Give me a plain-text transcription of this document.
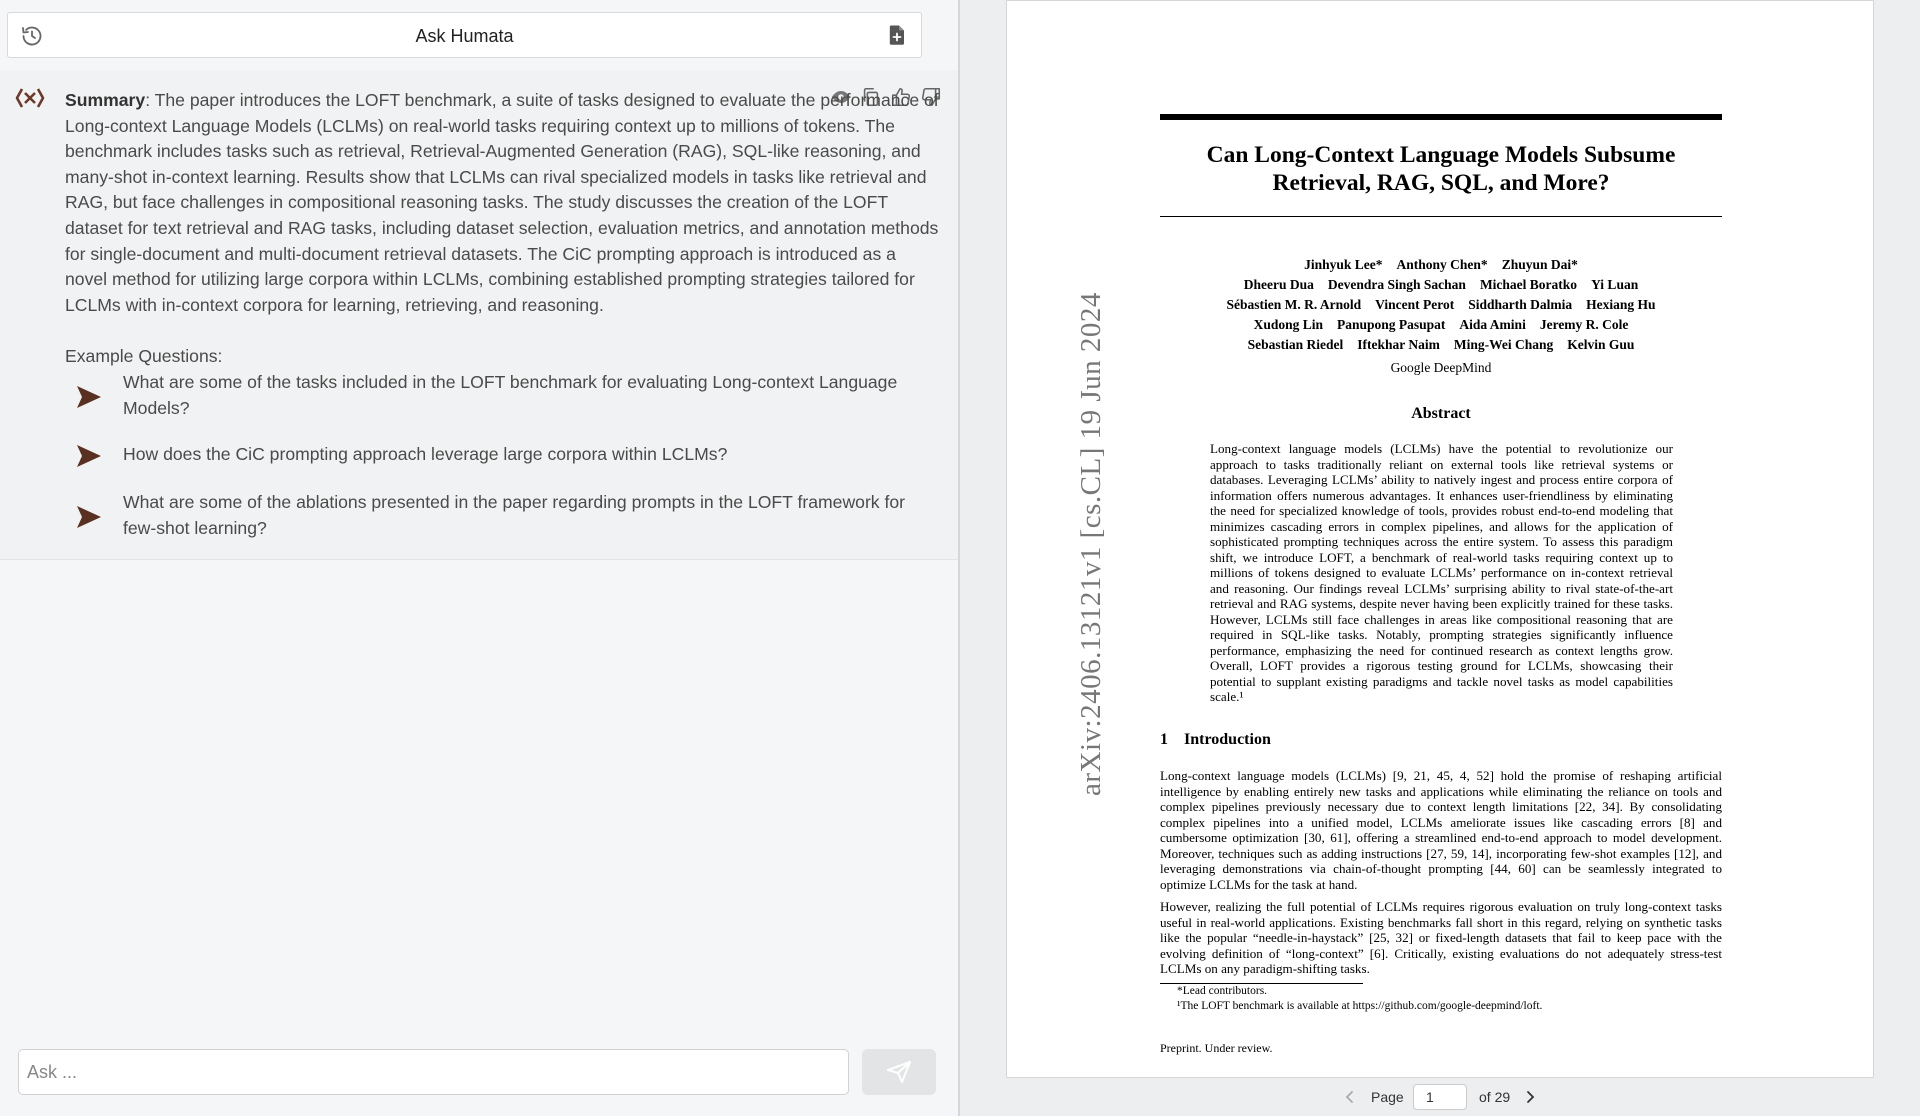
Ask Humata
Summary: The paper introduces the LOFT benchmark, a suite of tasks designed to evaluate the performance of Long-context Language Models (LCLMs) on real-world tasks requiring context up to millions of tokens. The benchmark includes tasks such as retrieval, Retrieval-Augmented Generation (RAG), SQL-like reasoning, and many-shot in-context learning. Results show that LCLMs can rival specialized models in tasks like retrieval and RAG, but face challenges in compositional reasoning tasks. The study discusses the creation of the LOFT dataset for text retrieval and RAG tasks, including dataset selection, evaluation metrics, and annotation methods for single-document and multi-document retrieval datasets. The CiC prompting approach is introduced as a novel method for utilizing large corpora within LCLMs, combining established prompting strategies tailored for LCLMs with in-context corpora for learning, retrieving, and reasoning.
Example Questions:
What are some of the tasks included in the LOFT benchmark for evaluating Long-context Language Models?
How does the CiC prompting approach leverage large corpora within LCLMs?
What are some of the ablations presented in the paper regarding prompts in the LOFT framework for few-shot learning?
Ask ...	arXiv:2406.13121v1 [cs.CL] 19 Jun 2024
Can Long-Context Language Models Subsume Retrieval, RAG, SQL, and More?
Jinhyuk Lee* Anthony Chen* Zhuyun Dai*
Dheeru Dua Devendra Singh Sachan Michael Boratko Yi Luan
Sébastien M. R. Arnold Vincent Perot Siddharth Dalmia Hexiang Hu
Xudong Lin Panupong Pasupat Aida Amini Jeremy R. Cole
Sebastian Riedel Iftekhar Naim Ming-Wei Chang Kelvin Guu
Google DeepMind
Abstract
Long-context language models (LCLMs) have the potential to revolutionize our approach to tasks traditionally reliant on external tools like retrieval systems or databases. Leveraging LCLMs’ ability to natively ingest and process entire corpora of information offers numerous advantages. It enhances user-friendliness by eliminating the need for specialized knowledge of tools, provides robust end-to-end modeling that minimizes cascading errors in complex pipelines, and allows for the application of sophisticated prompting techniques across the entire system. To assess this paradigm shift, we introduce LOFT, a benchmark of real-world tasks requiring context up to millions of tokens designed to evaluate LCLMs’ performance on in-context retrieval and reasoning. Our findings reveal LCLMs’ surprising ability to rival state-of-the-art retrieval and RAG systems, despite never having been explicitly trained for these tasks. However, LCLMs still face challenges in areas like compositional reasoning that are required in SQL-like tasks. Notably, prompting strategies significantly influence performance, emphasizing the need for continued research as context lengths grow. Overall, LOFT provides a rigorous testing ground for LCLMs, showcasing their potential to supplant existing paradigms and tackle novel tasks as model capabilities scale.¹
1    Introduction
Long-context language models (LCLMs) [9, 21, 45, 4, 52] hold the promise of reshaping artificial intelligence by enabling entirely new tasks and applications while eliminating the reliance on tools and complex pipelines previously necessary due to context length limitations [22, 34]. By consolidating complex pipelines into a unified model, LCLMs ameliorate issues like cascading errors [8] and cumbersome optimization [30, 61], offering a streamlined end-to-end approach to model development. Moreover, techniques such as adding instructions [27, 59, 14], incorporating few-shot examples [12], and leveraging demonstrations via chain-of-thought prompting [44, 60] can be seamlessly integrated to optimize LCLMs for the task at hand.
However, realizing the full potential of LCLMs requires rigorous evaluation on truly long-context tasks useful in real-world applications. Existing benchmarks fall short in this regard, relying on synthetic tasks like the popular “needle-in-haystack” [25, 32] or fixed-length datasets that fail to keep pace with the evolving definition of “long-context” [6]. Critically, existing evaluations do not adequately stress-test LCLMs on any paradigm-shifting tasks.
*Lead contributors.
¹The LOFT benchmark is available at https://github.com/google-deepmind/loft.
Preprint. Under review.
Page
1	of 29
